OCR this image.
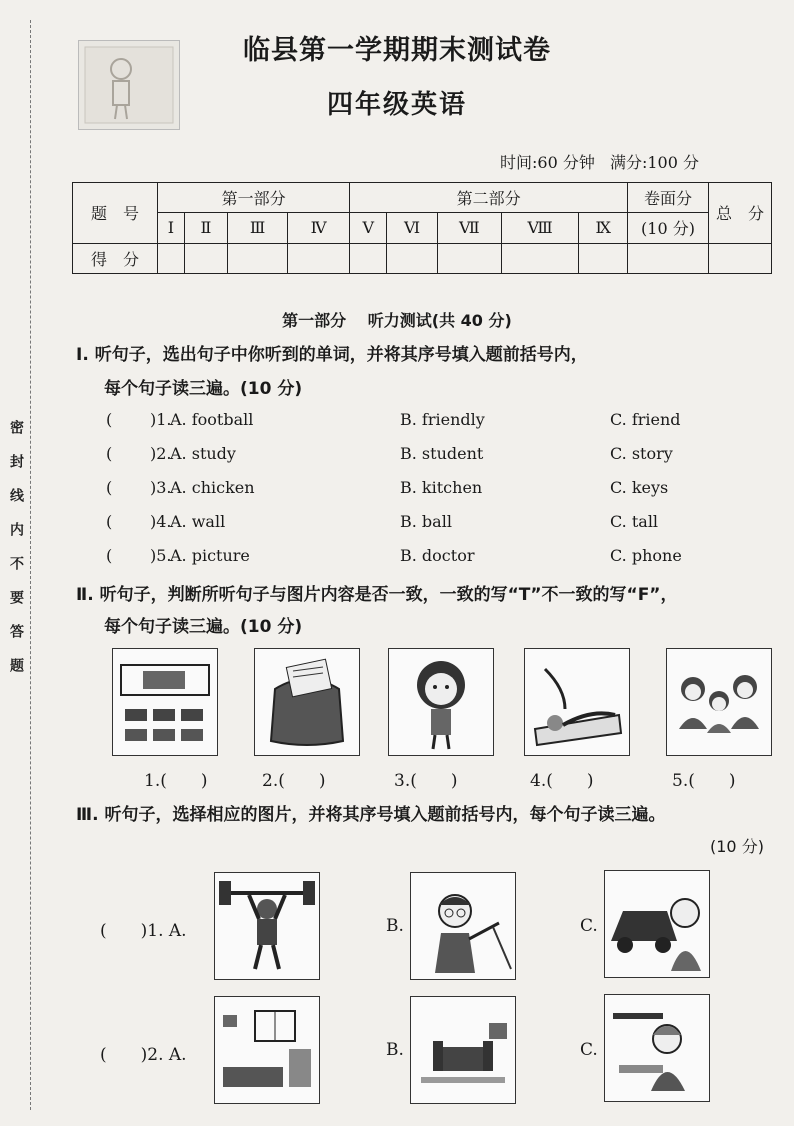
密封线内不要答题
临县第一学期期末测试卷
四年级英语
时间:60 分钟 满分:100 分
题　号	第一部分				第二部分					卷面分	总　分
	Ⅰ	Ⅱ	Ⅲ	Ⅳ	Ⅴ	Ⅵ	Ⅶ	Ⅷ	Ⅸ	(10 分)	
得　分											
第一部分 听力测试(共 40 分)
Ⅰ. 听句子，选出句子中你听到的单词，并将其序号填入题前括号内，
每个句子读三遍。(10 分)
( )1.
A. football	B. friendly	C. friend
( )2.
A. study	B. student	C. story
( )3.
A. chicken	B. kitchen	C. keys
( )4.
A. wall	B. ball	C. tall
( )5.
A. picture	B. doctor	C. phone
Ⅱ. 听句子，判断所听句子与图片内容是否一致，一致的写“T”不一致的写“F”，
每个句子读三遍。(10 分)
1.(　　)	2.(　　)	3.(　　)	4.(　　)	5.(　　)
Ⅲ. 听句子，选择相应的图片，并将其序号填入题前括号内，每个句子读三遍。
(10 分)
(　　)1. A.	B.	C.
(　　)2. A.	B.	C.
